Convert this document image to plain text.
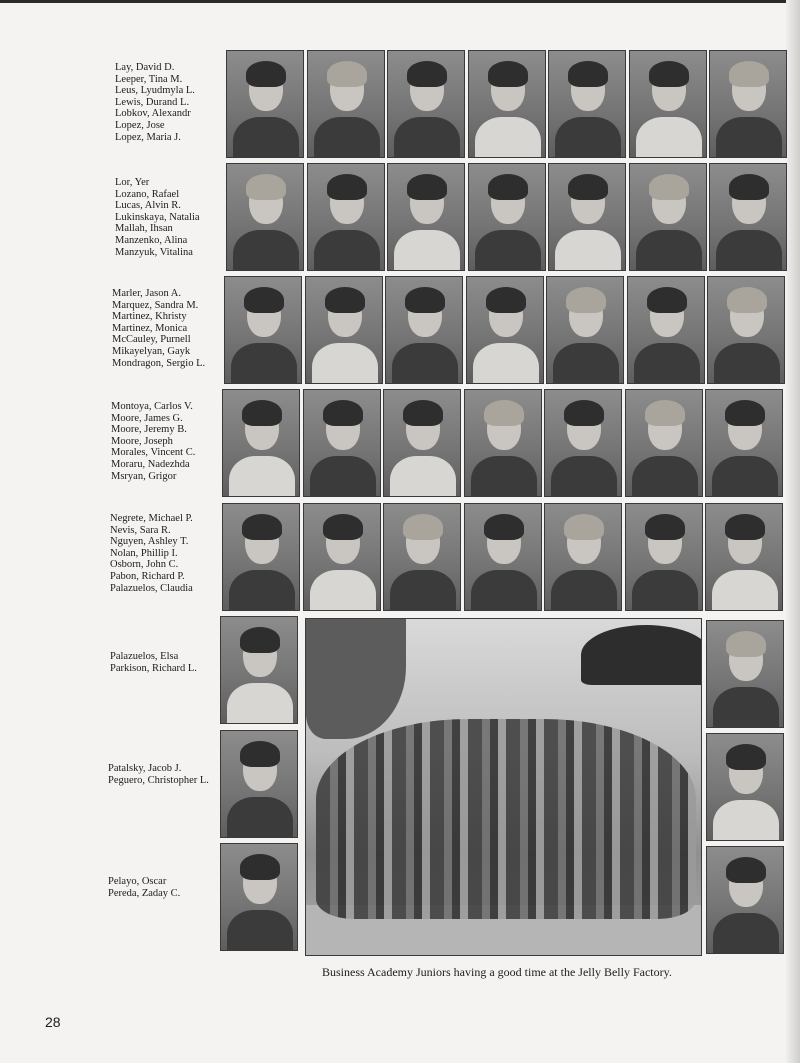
Lay, David D.
Leeper, Tina M.
Leus, Lyudmyla L.
Lewis, Durand L.
Lobkov, Alexandr
Lopez, Jose
Lopez, Maria J.
Lor, Yer
Lozano, Rafael
Lucas, Alvin R.
Lukinskaya, Natalia
Mallah, Ihsan
Manzenko, Alina
Manzyuk, Vitalina
Marler, Jason A.
Marquez, Sandra M.
Martinez, Khristy
Martinez, Monica
McCauley, Purnell
Mikayelyan, Gayk
Mondragon, Sergio L.
Montoya, Carlos V.
Moore, James G.
Moore, Jeremy B.
Moore, Joseph
Morales, Vincent C.
Moraru, Nadezhda
Msryan, Grigor
Negrete, Michael P.
Nevis, Sara R.
Nguyen, Ashley T.
Nolan, Phillip I.
Osborn, John C.
Pabon, Richard P.
Palazuelos, Claudia
Palazuelos, Elsa
Parkison, Richard L.
Patalsky, Jacob J.
Peguero, Christopher L.
Pelayo, Oscar
Pereda, Zaday C.
Business Academy Juniors having a good time at the Jelly Belly Factory.
28
